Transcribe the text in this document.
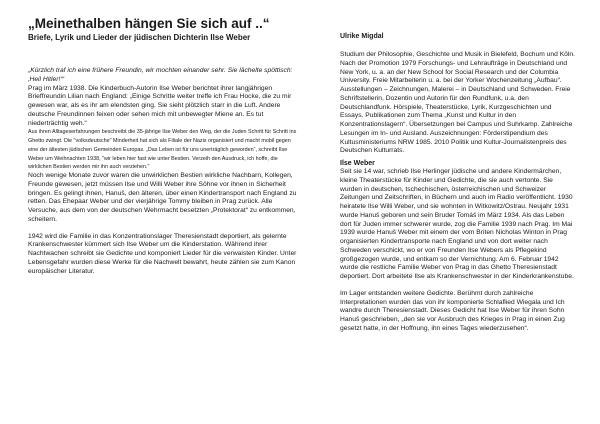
„Meinethalben hängen Sie sich auf ..“
Briefe, Lyrik und Lieder der jüdischen Dichterin Ilse Weber

„Kürzlich traf ich eine frühere Freundin, wir mochten einander sehr. Sie lächelte spöttisch: ‚Heil Hitler!‘“

Prag im März 1938. Die Kinderbuch-Autorin Ilse Weber berichtet ihrer langjährigen Brieffreundin Lilian nach England: „Einige Schritte weiter treffe ich Frau Hocke, die zu mir gewesen war, als es ihr am elendsten ging. Sie sieht plötzlich starr in die Luft. Andere deutsche Freundinnen feixen oder sehen mich mit unbewegter Miene an. Es tut niederträchtig weh.“

Aus ihren Alltageserfahrungen beschreibt die 35-jährige Ilse Weber den Weg, der die Juden Schritt für Schritt ins Ghetto zwingt. Die "volksdeutsche" Minderheit hat sich als Filiale der Nazis organisiert und macht mobil gegen eine der ältesten jüdischen Gemeinden Europas. „Das Leben ist für uns unerträglich geworden“, schreibt Ilse Weber um Weihnachten 1938, "wir leben hier fast wie unter Bestien. Verzeih den Ausdruck, ich hoffe, die wirklichen Bestien werden mir ihn auch verziehen."

Noch wenige Monate zuvor waren die unwirklichen Bestien wirkliche Nachbarn, Kollegen, Freunde gewesen, jetzt müssen Ilse und Willi Weber ihre Söhne vor ihnen in Sicherheit bringen. Es gelingt ihnen, Hanuš, den älteren, über einen Kindertransport nach England zu retten. Das Ehepaar Weber und der vierjährige Tommy bleiben in Prag zurück. Alle Versuche, aus dem von der deutschen Wehrmacht besetzten „Protektorat“ zu entkommen, scheitern.

1942 wird die Familie in das Konzentrationslager Theresienstadt deportiert, als gelernte Krankenschwester kümmert sich Ilse Weber um die Kinderstation. Während ihrer Nachtwachen schreibt sie Gedichte und komponiert Lieder für die verwaisten Kinder. Unter Lebensgefahr wurden diese Werke für die Nachwelt bewahrt, heute zählen sie zum Kanon europäischer Literatur.

Ulrike Migdal

Studium der Philosophie, Geschichte und Musik in Bielefeld, Bochum und Köln. Nach der Promotion 1979 Forschungs- und Lehraufträge in Deutschland und New York, u. a. an der New School for Social Research und der Columbia University. Freie Mitarbeiterin u. a. bei der Yorker Wochenzeitung „Aufbau“. Ausstellungen – Zeichnungen, Malerei – in Deutschland und Schweden. Freie Schriftstellerin, Dozentin und Autorin für den Rundfunk, u.a. den Deutschlandfunk. Hörspiele, Theaterstücke, Lyrik, Kurzgeschichten und Essays. Publikationen zum Thema „Kunst und Kultur in den Konzentrationslagern“. Übersetzungen bei Campus und Suhrkamp. Zahlreiche Lesungen im In- und Ausland. Auszeichnungen: Förderstipendium des Kultusministeriums NRW 1985. 2010 Politik und Kultur-Journalistenpreis des Deutschen Kulturrats.

Ilse Weber

Seit sie 14 war, schrieb Ilse Herlinger jüdische und andere Kindermärchen, kleine Theaterstücke für Kinder und Gedichte, die sie auch vertonte. Sie wurden in deutschen, tschechischen, österreichischen und Schweizer Zeitungen und Zeitschriften, in Büchern und auch im Radio veröffentlicht. 1930 heiratete Ilse Willi Weber, und sie wohnten in Witkowitz/Ostrau. Neujahr 1931 wurde Hanuš geboren und sein Bruder Tomáš im März 1934. Als das Leben dort für Juden immer schwerer wurde, zog die Familie 1939 nach Prag. Im Mai 1939 wurde Hanuš Weber mit einem der vom Briten Nicholas Winton in Prag organisierten Kindertransporte nach England und von dort weiter nach Schweden verschickt, wo er von Freunden Ilse Webers als Pflegekind großgezogen wurde, und entkam so der Vernichtung. Am 6. Februar 1942 wurde die restliche Familie Weber von Prag in das Ghetto Theresienstadt deportiert. Dort arbeitete Ilse als Krankenschwester in der Kinderkrankenstube.

Im Lager entstanden weitere Gedichte. Berühmt durch zahlreiche Interpretationen wurden das von ihr komponierte Schlaflied Wiegala und Ich wandre durch Theresienstadt. Dieses Gedicht hat Ilse Weber für ihren Sohn Hanuš geschrieben, „den sie vor Ausbruch des Krieges in Prag in einen Zug gesetzt hatte, in der Hoffnung, ihn eines Tages wiederzusehen“.
